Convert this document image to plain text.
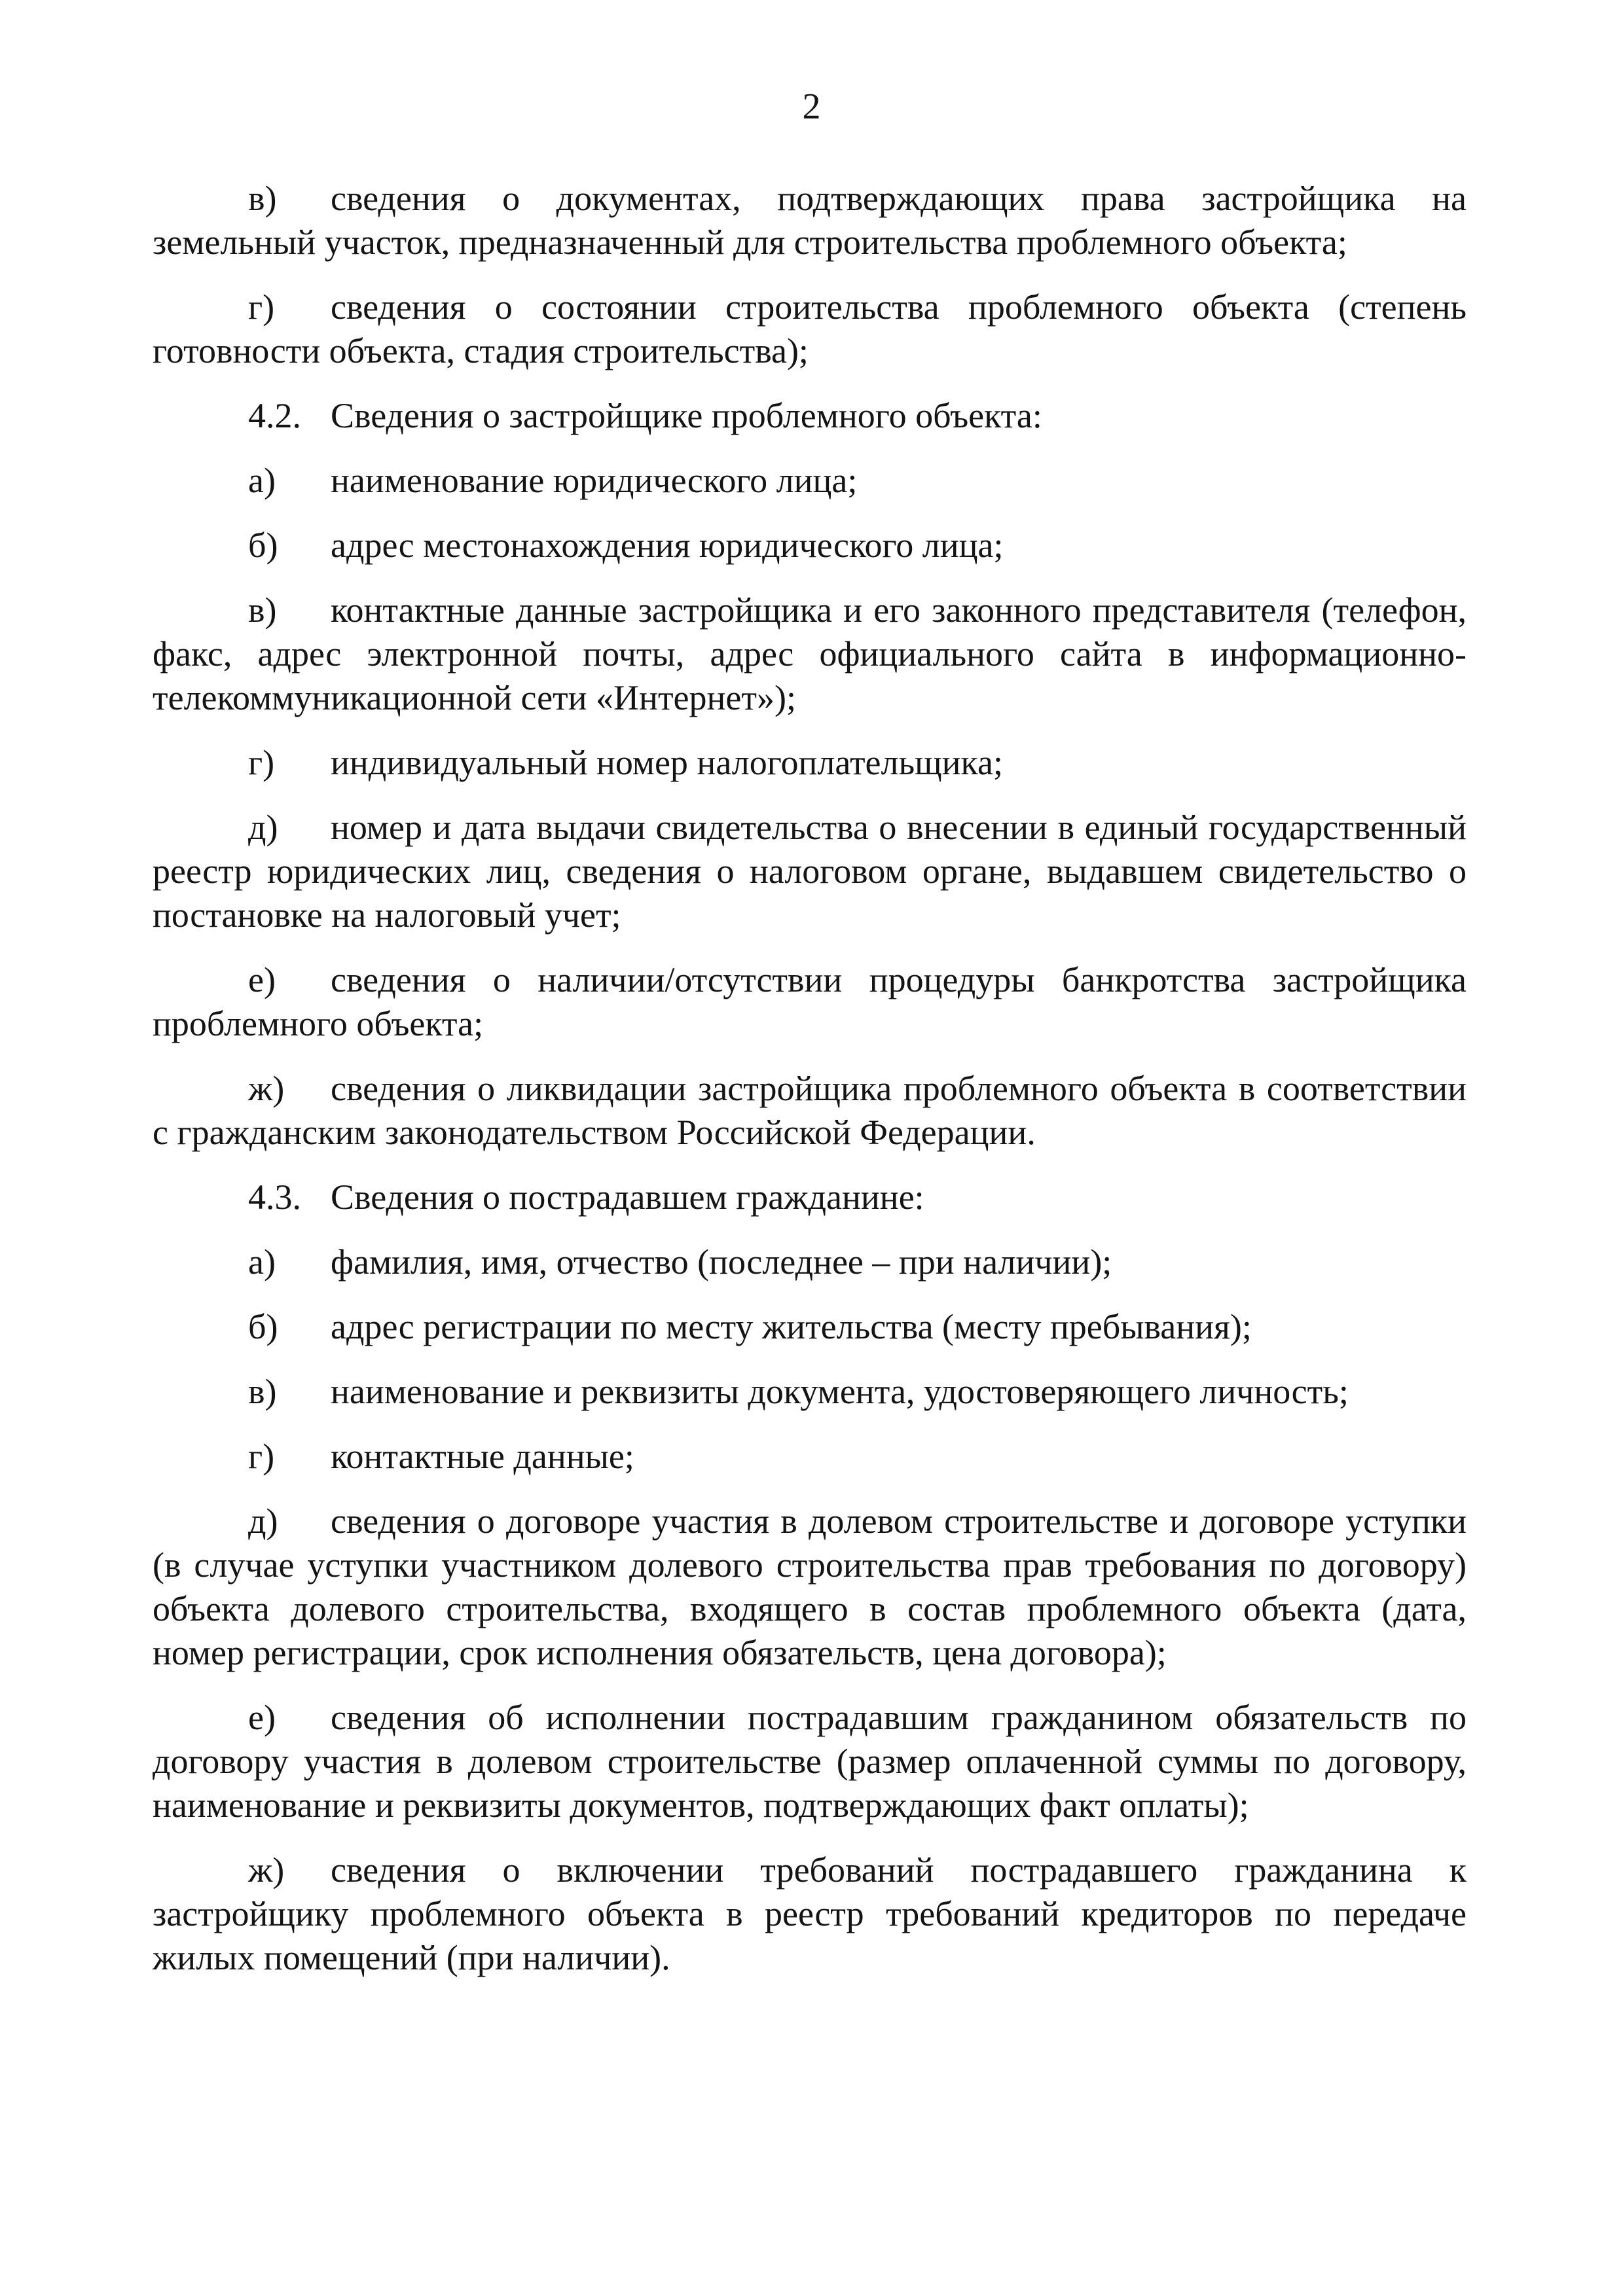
2

в) сведения о документах, подтверждающих права застройщика на земельный участок, предназначенный для строительства проблемного объекта;

г) сведения о состоянии строительства проблемного объекта (степень готовности объекта, стадия строительства);

4.2. Сведения о застройщике проблемного объекта:

а) наименование юридического лица;

б) адрес местонахождения юридического лица;

в) контактные данные застройщика и его законного представителя (телефон, факс, адрес электронной почты, адрес официального сайта в информационно-телекоммуникационной сети «Интернет»);

г) индивидуальный номер налогоплательщика;

д) номер и дата выдачи свидетельства о внесении в единый государственный реестр юридических лиц, сведения о налоговом органе, выдавшем свидетельство о постановке на налоговый учет;

е) сведения о наличии/отсутствии процедуры банкротства застройщика проблемного объекта;

ж) сведения о ликвидации застройщика проблемного объекта в соответствии с гражданским законодательством Российской Федерации.

4.3. Сведения о пострадавшем гражданине:

а) фамилия, имя, отчество (последнее – при наличии);

б) адрес регистрации по месту жительства (месту пребывания);

в) наименование и реквизиты документа, удостоверяющего личность;

г) контактные данные;

д) сведения о договоре участия в долевом строительстве и договоре уступки (в случае уступки участником долевого строительства прав требования по договору) объекта долевого строительства, входящего в состав проблемного объекта (дата, номер регистрации, срок исполнения обязательств, цена договора);

е) сведения об исполнении пострадавшим гражданином обязательств по договору участия в долевом строительстве (размер оплаченной суммы по договору, наименование и реквизиты документов, подтверждающих факт оплаты);

ж) сведения о включении требований пострадавшего гражданина к застройщику проблемного объекта в реестр требований кредиторов по передаче жилых помещений (при наличии).
